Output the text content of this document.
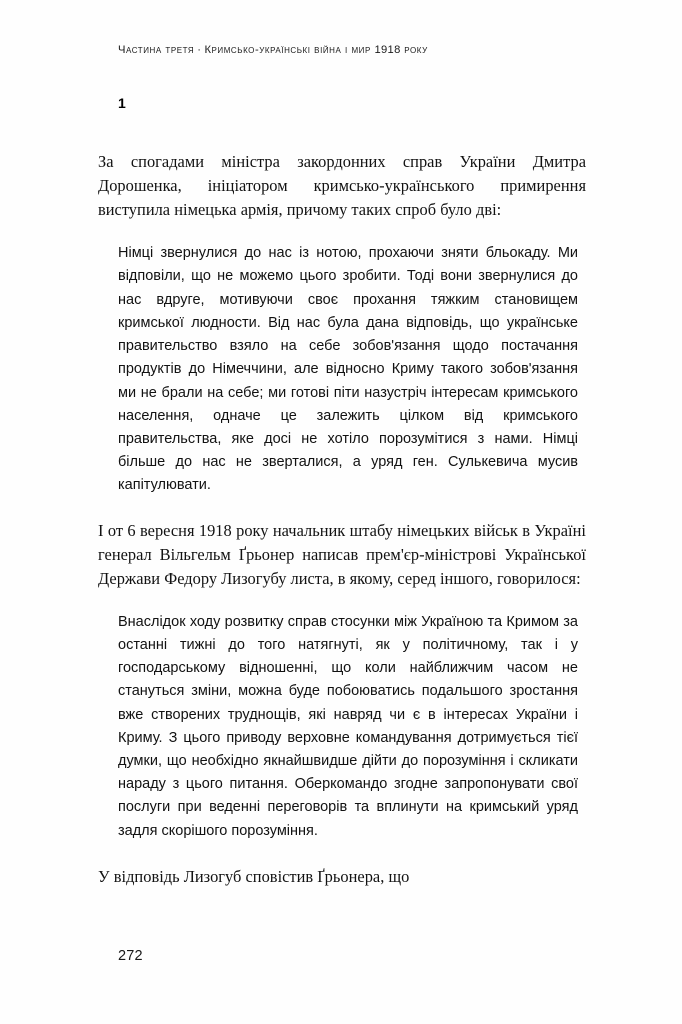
Частина третя · Кримсько-українські війна і мир 1918 року
1

За спогадами міністра закордонних справ України Дмитра Дорошенка, ініціатором кримсько-українського примирення виступила німецька армія, причому таких спроб було дві:

Німці звернулися до нас із нотою, прохаючи зняти бльокаду. Ми відповіли, що не можемо цього зробити. Тоді вони звернулися до нас вдруге, мотивуючи своє прохання тяжким становищем кримської людности. Від нас була дана відповідь, що українське правительство взяло на себе зобов'язання щодо постачання продуктів до Німеччини, але відносно Криму такого зобов'язання ми не брали на себе; ми готові піти назустріч інтересам кримського населення, одначе це залежить цілком від кримського правительства, яке досі не хотіло порозумітися з нами. Німці більше до нас не зверталися, а уряд ген. Сулькевича мусив капітулювати.

І от 6 вересня 1918 року начальник штабу німецьких військ в Україні генерал Вільгельм Ґрьонер написав прем'єр-міністрові Української Держави Федору Лизогубу листа, в якому, серед іншого, говорилося:

Внаслідок ходу розвитку справ стосунки між Україною та Кримом за останні тижні до того натягнуті, як у політичному, так і у господарському відношенні, що коли найближчим часом не стануться зміни, можна буде побоюватись подальшого зростання вже створених труднощів, які навряд чи є в інтересах України і Криму. З цього приводу верховне командування дотримується тієї думки, що необхідно якнайшвидше дійти до порозуміння і скликати нараду з цього питання. Оберкомандо згодне запропонувати свої послуги при веденні переговорів та вплинути на кримський уряд задля скорішого порозуміння.

У відповідь Лизогуб сповістив Ґрьонера, що

272
